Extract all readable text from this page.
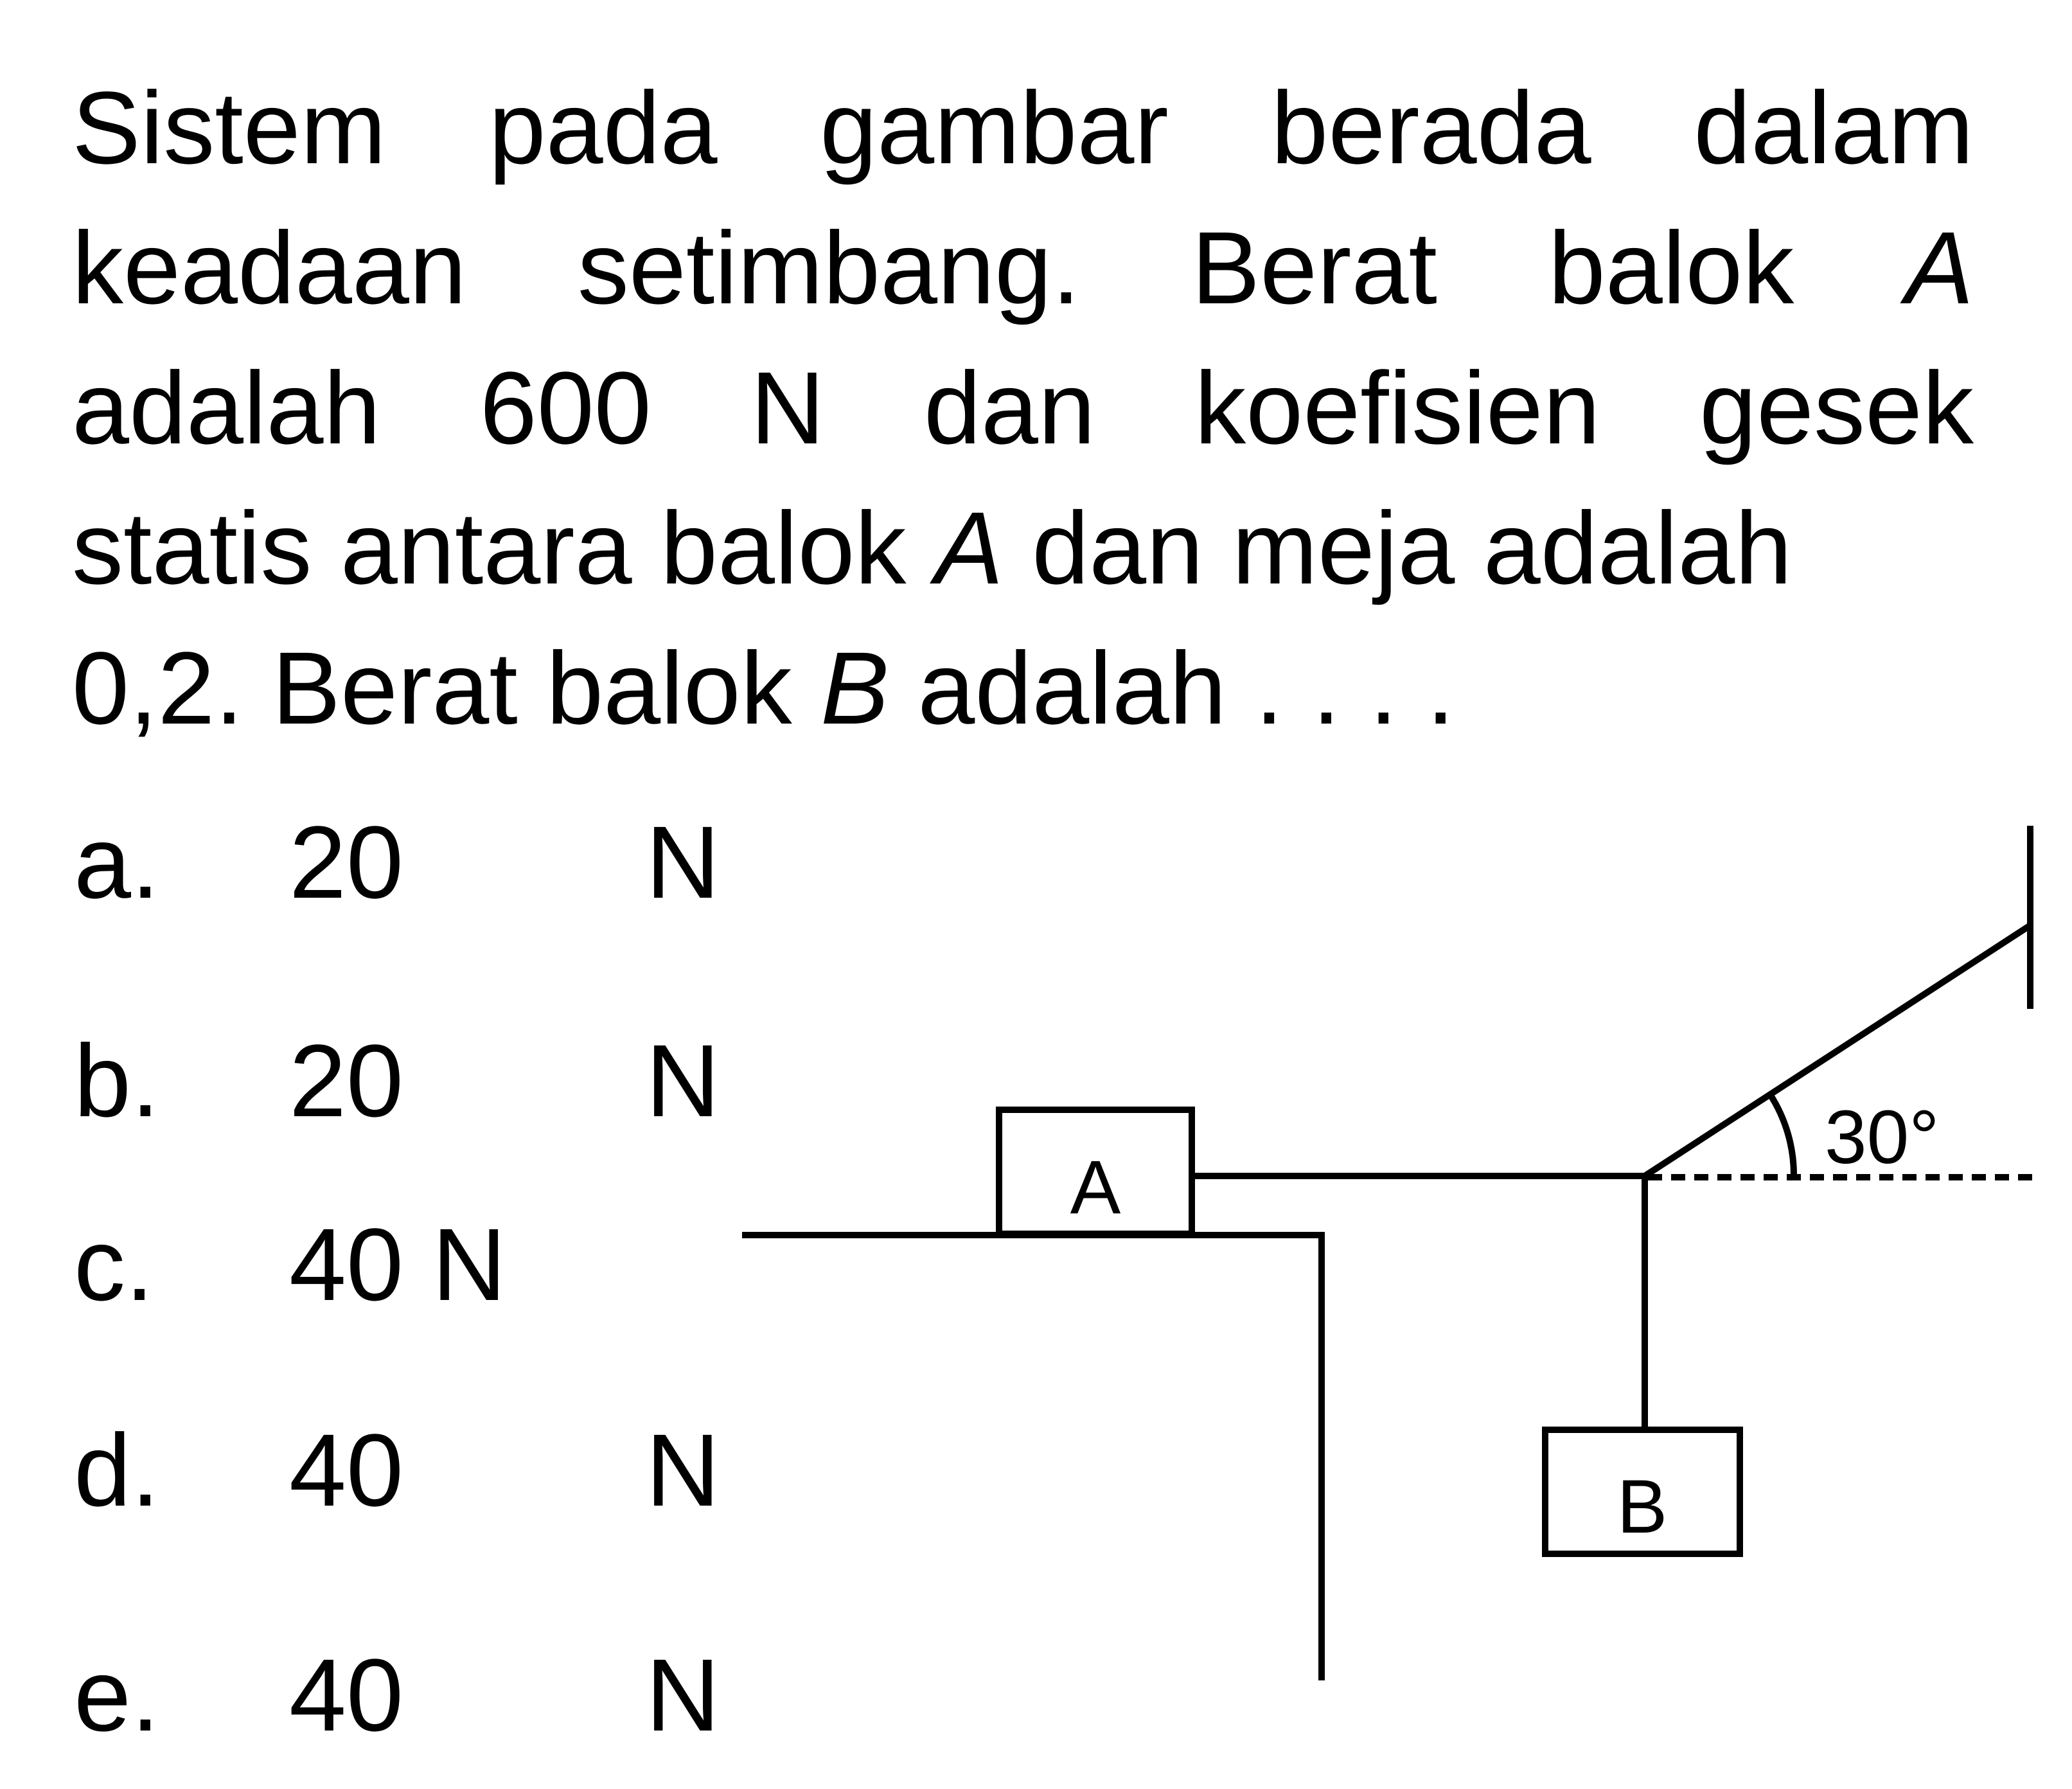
Sistem pada gambar berada dalam
keadaan setimbang. Berat balok A
adalah 600 N dan koefisien gesek
statis antara balok A dan meja adalah
0,2. Berat balok B adalah . . . .
a. 20 N
b. 20 N
c. 40 N
d. 40 N
e. 40 N
A
B
30°
